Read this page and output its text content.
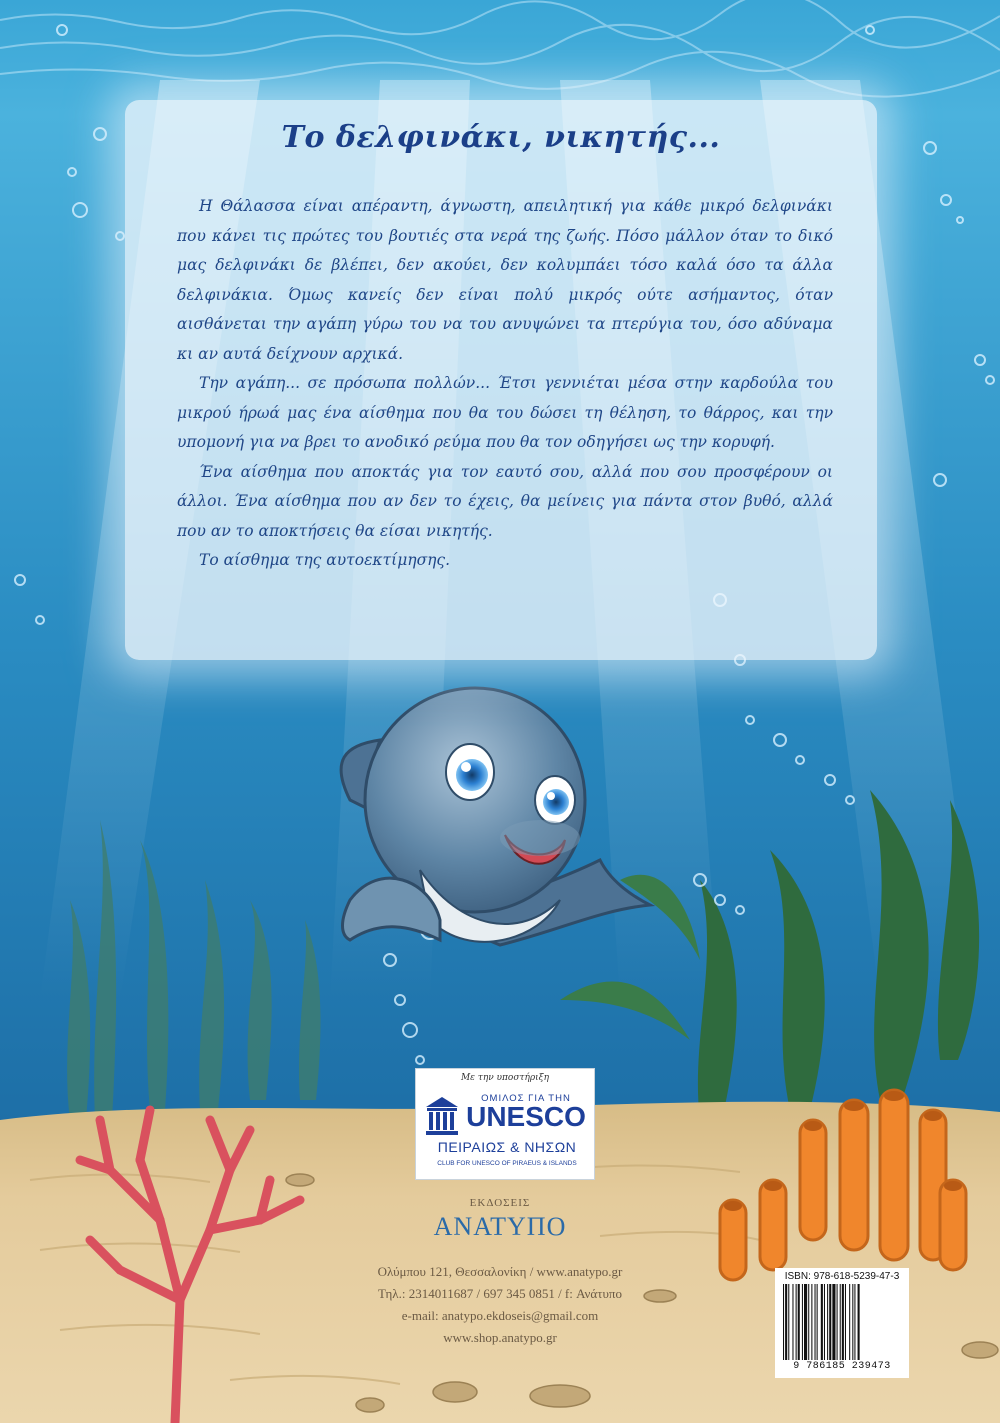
Το δελφινάκι, νικητής...

Η Θάλασσα είναι απέραντη, άγνωστη, απειλητική για κάθε μικρό δελφινάκι που κάνει τις πρώτες του βουτιές στα νερά της ζωής. Πόσο μάλλον όταν το δικό μας δελφινάκι δε βλέπει, δεν ακούει, δεν κολυμπάει τόσο καλά όσο τα άλλα δελφινάκια. Όμως κανείς δεν είναι πολύ μικρός ούτε ασήμαντος, όταν αισθάνεται την αγάπη γύρω του να του ανυψώνει τα πτερύγια του, όσο αδύναμα κι αν αυτά δείχνουν αρχικά.

Την αγάπη... σε πρόσωπα πολλών... Έτσι γεννιέται μέσα στην καρδούλα του μικρού ήρωά μας ένα αίσθημα που θα του δώσει τη θέληση, το θάρρος, και την υπομονή για να βρει το ανοδικό ρεύμα που θα τον οδηγήσει ως την κορυφή.

Ένα αίσθημα που αποκτάς για τον εαυτό σου, αλλά που σου προσφέρουν οι άλλοι. Ένα αίσθημα που αν δεν το έχεις, θα μείνεις για πάντα στον βυθό, αλλά που αν το αποκτήσεις θα είσαι νικητής.

Το αίσθημα της αυτοεκτίμησης.

Με την υποστήριξη
ΟΜΙΛΟΣ ΓΙΑ ΤΗΝ
UNESCO
ΠΕΙΡΑΙΩΣ & ΝΗΣΩΝ
CLUB FOR UNESCO OF PIRAEUS & ISLANDS
ΕΚΔΟΣΕΙΣ
ΑΝΑΤΥΠΟ
Ολύμπου 121, Θεσσαλονίκη / www.anatypo.gr
Τηλ.: 2314011687 / 697 345 0851 / f: Ανάτυπο
e-mail: anatypo.ekdoseis@gmail.com
www.shop.anatypo.gr
ISBN: 978-618-5239-47-3
9 786185 239473
